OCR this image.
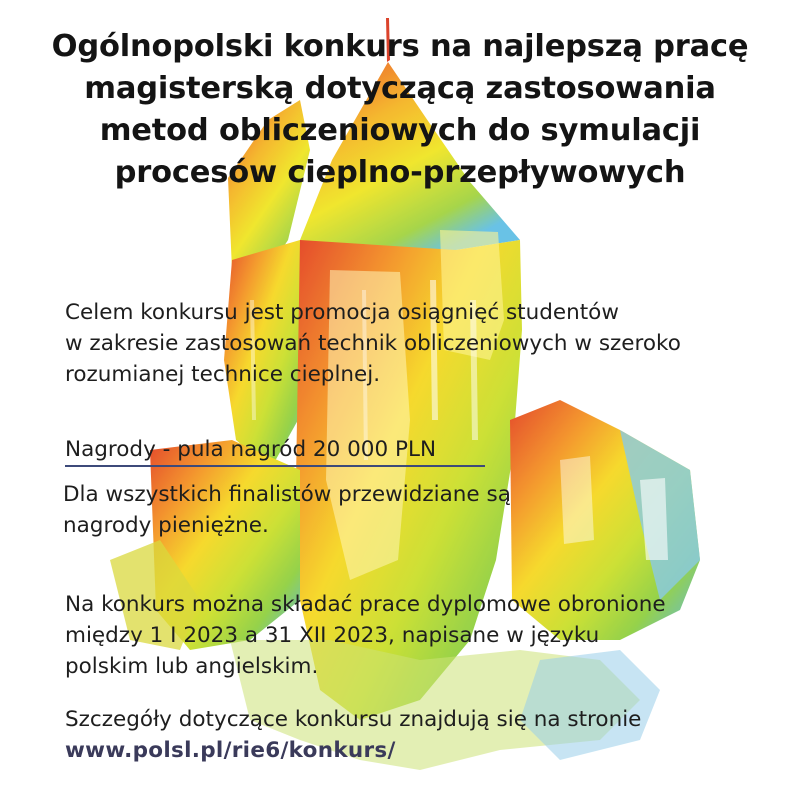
Ogólnopolski konkurs na najlepszą pracę
magisterską dotyczącą zastosowania
metod obliczeniowych do symulacji
procesów cieplno-przepływowych
Celem konkursu jest promocja osiągnięć studentów
w zakresie zastosowań technik obliczeniowych w szeroko
rozumianej technice cieplnej.
Nagrody - pula nagród 20 000 PLN
Dla wszystkich finalistów przewidziane są
nagrody pieniężne.
Na konkurs można składać prace dyplomowe obronione
między 1 I 2023 a 31 XII 2023, napisane w języku
polskim lub angielskim.
Szczegóły dotyczące konkursu znajdują się na stronie
www.polsl.pl/rie6/konkurs/
